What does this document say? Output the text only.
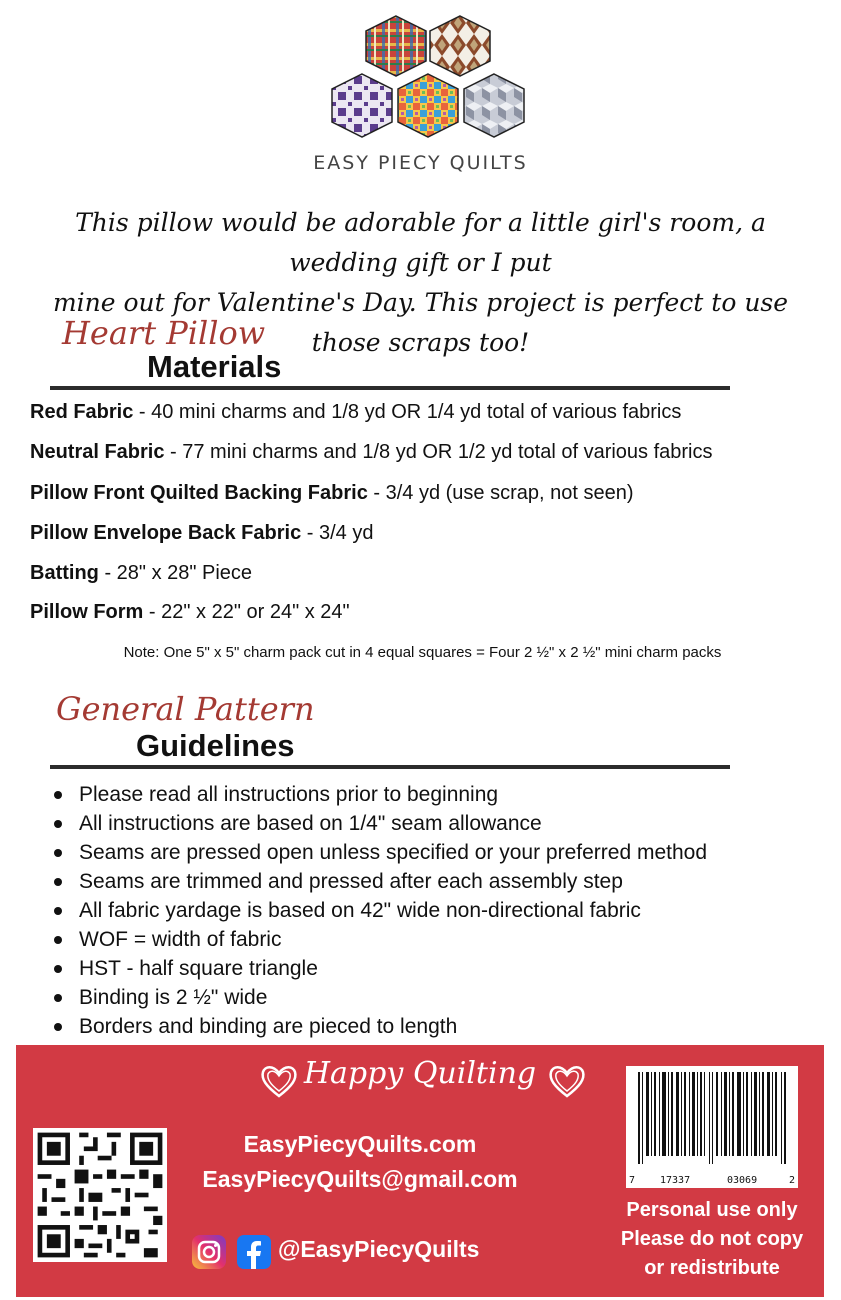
EASY PIECY QUILTS
This pillow would be adorable for a little girl's room, a wedding gift or I put
mine out for Valentine's Day. This project is perfect to use those scraps too!
Heart Pillow
Materials
Red Fabric - 40 mini charms and 1/8 yd OR 1/4 yd total of various fabrics
Neutral Fabric - 77 mini charms and 1/8 yd OR 1/2 yd total of various fabrics
Pillow Front Quilted Backing Fabric - 3/4 yd (use scrap, not seen)
Pillow Envelope Back Fabric - 3/4 yd
Batting - 28" x 28" Piece
Pillow Form - 22" x 22" or 24" x 24"
Note: One 5" x 5" charm pack cut in 4 equal squares = Four 2 ½" x 2 ½" mini charm packs
General Pattern
Guidelines
Please read all instructions prior to beginning
All instructions are based on 1/4" seam allowance
Seams are pressed open unless specified or your preferred method
Seams are trimmed and pressed after each assembly step
All fabric yardage is based on 42" wide non-directional fabric
WOF = width of fabric
HST - half square triangle
Binding is 2 ½" wide
Borders and binding are pieced to length
Happy Quilting
EasyPiecyQuilts.com
EasyPiecyQuilts@gmail.com
@EasyPiecyQuilts
7 17337	03069	2
Personal use only
Please do not copy
or redistribute
